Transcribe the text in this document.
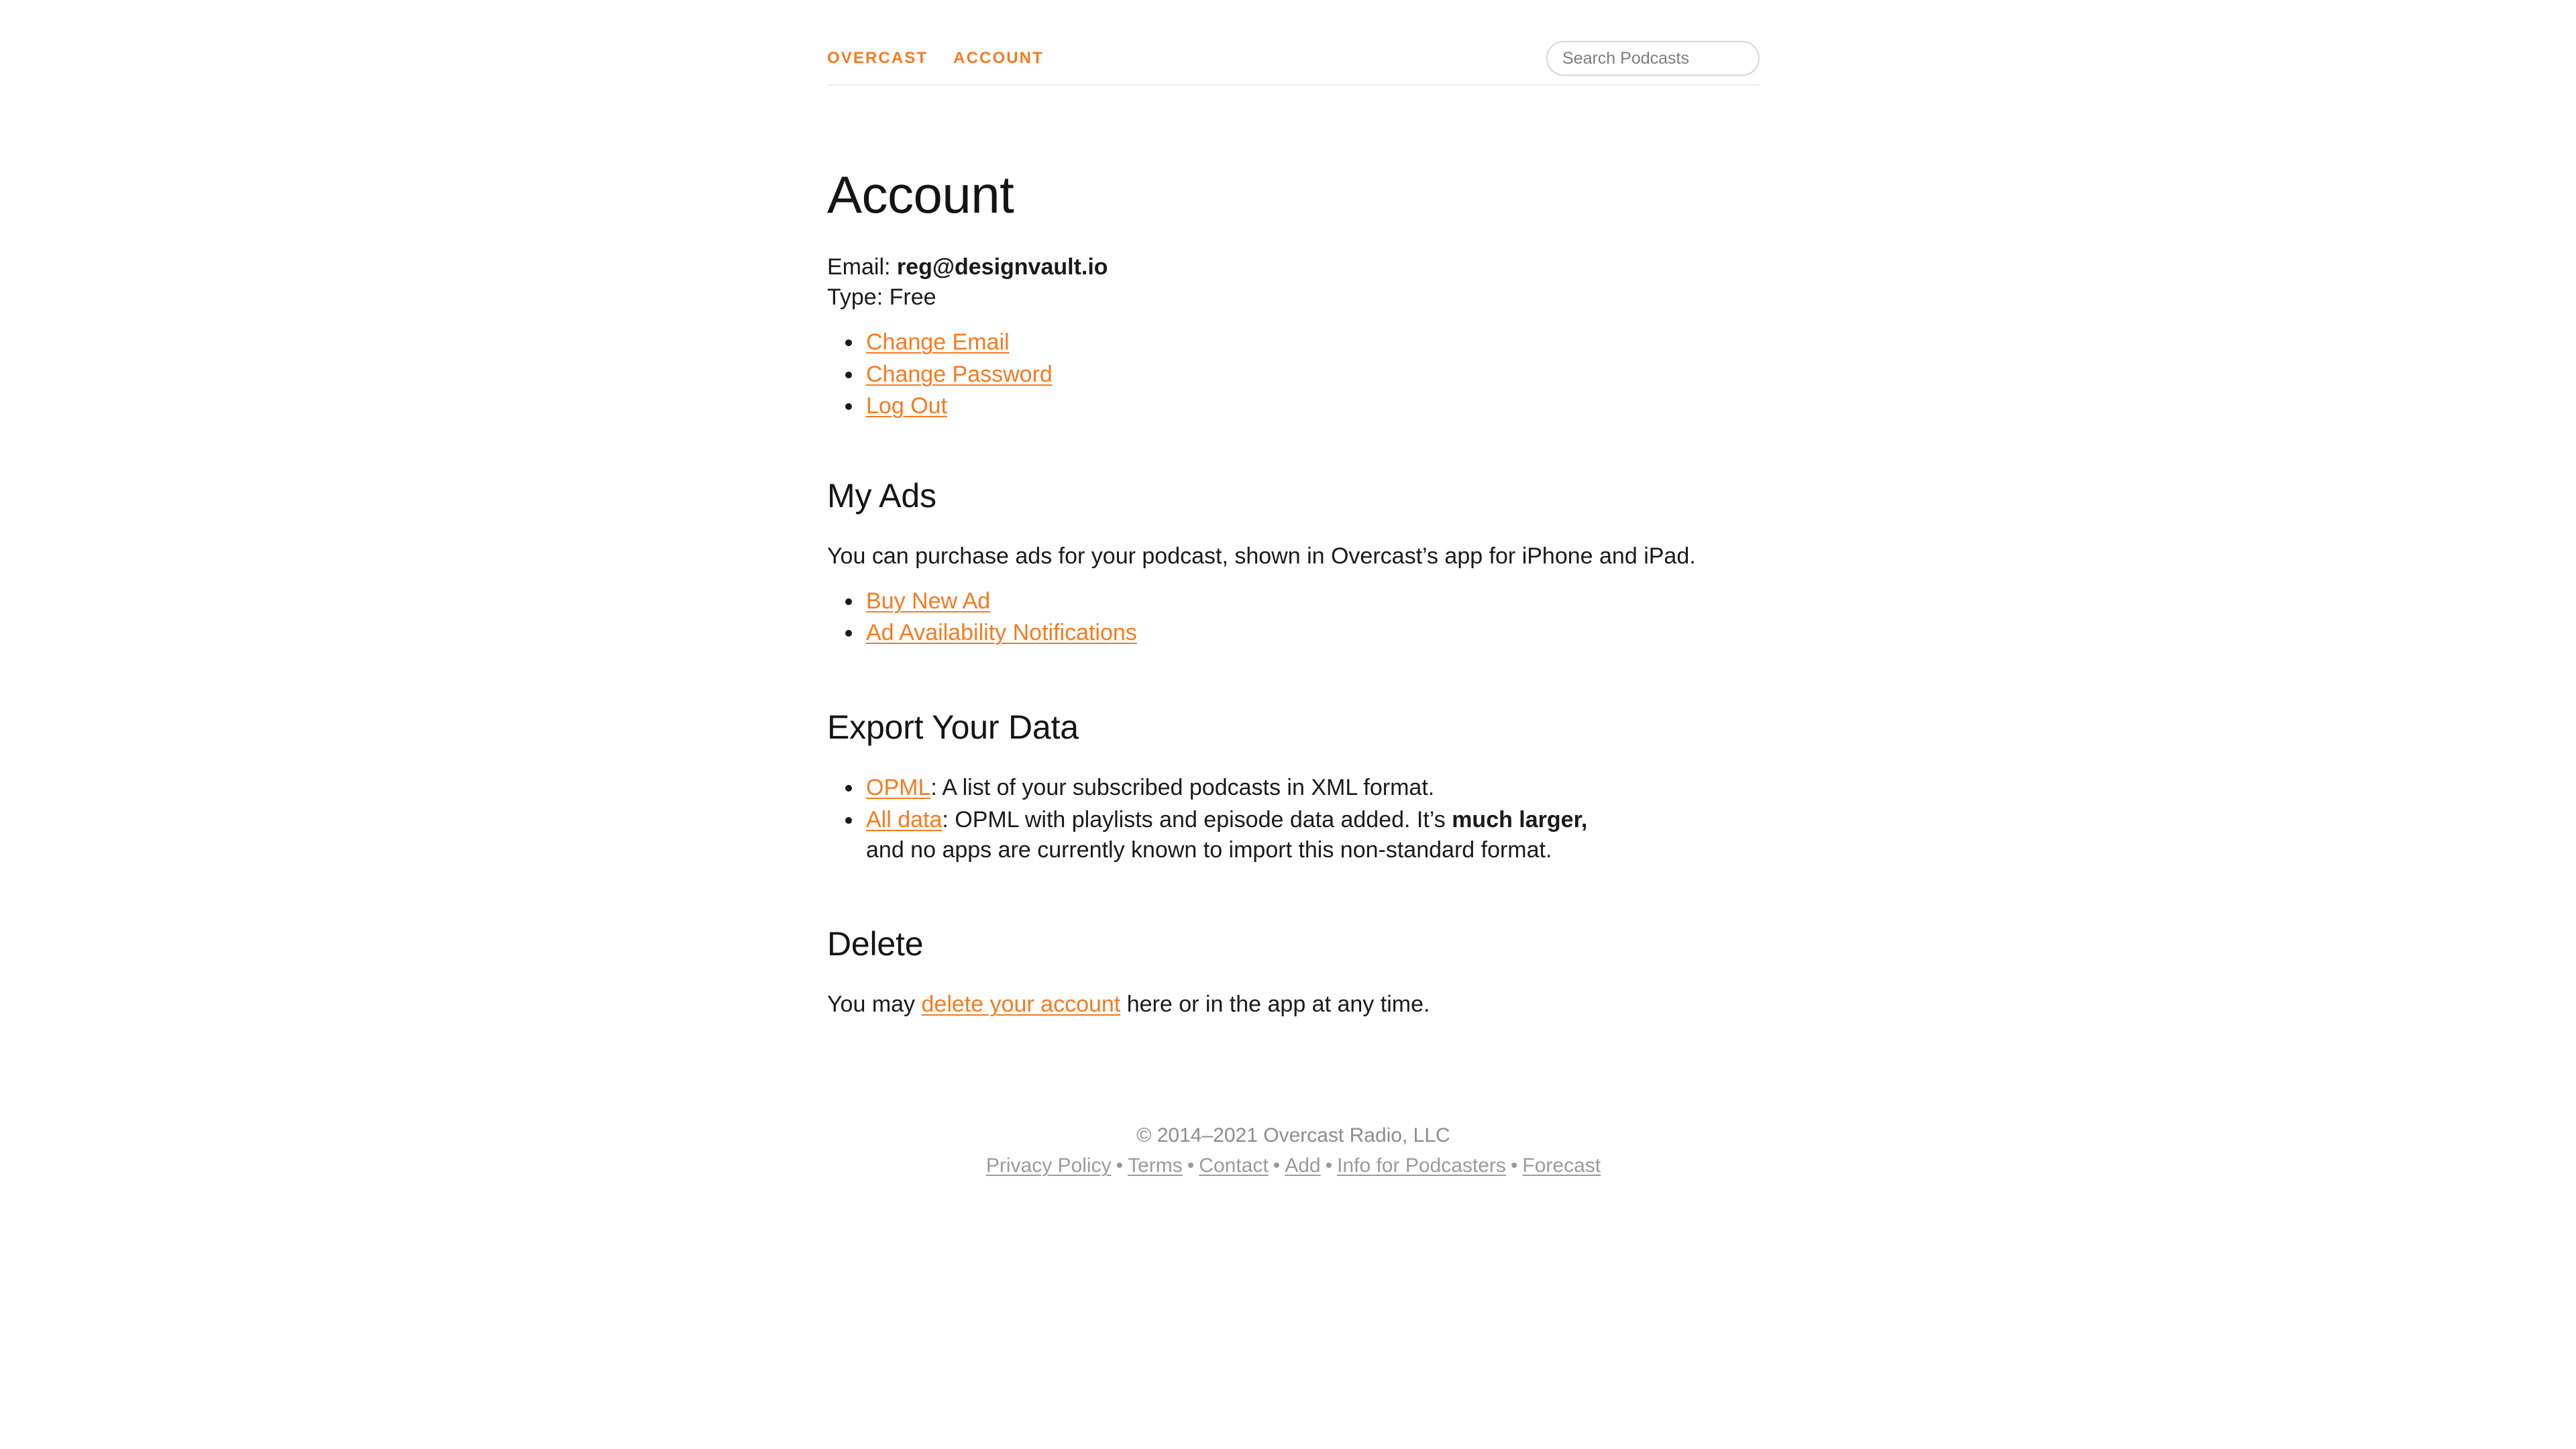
OVERCAST ACCOUNT
Search Podcasts
Account
Email: reg@designvault.io
Type: Free
• Change Email
• Change Password
• Log Out
My Ads

You can purchase ads for your podcast, shown in Overcast’s app for iPhone and iPad.

• Buy New Ad
• Ad Availability Notifications
Export Your Data
• OPML: A list of your subscribed podcasts in XML format.
• All data: OPML with playlists and episode data added. It’s much larger, and no apps are currently known to import this non-standard format.
Delete

You may delete your account here or in the app at any time.

© 2014–2021 Overcast Radio, LLC
Privacy Policy • Terms • Contact • Add • Info for Podcasters • Forecast
